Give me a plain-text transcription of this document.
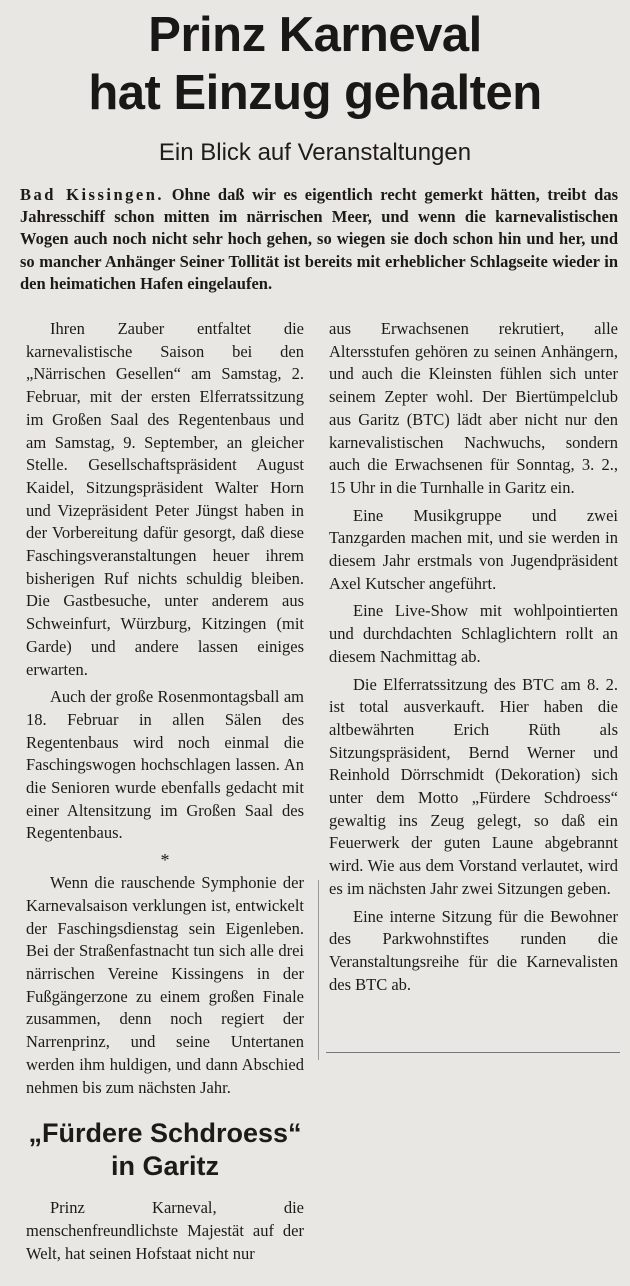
Prinz Karneval
hat Einzug gehalten
Ein Blick auf Veranstaltungen

Bad Kissingen. Ohne daß wir es eigentlich recht gemerkt hätten, treibt das Jahresschiff schon mitten im närrischen Meer, und wenn die karnevalistischen Wogen auch noch nicht sehr hoch gehen, so wiegen sie doch schon hin und her, und so mancher Anhänger Seiner Tollität ist bereits mit erheblicher Schlagseite wieder in den heimatichen Hafen eingelaufen.

Ihren Zauber entfaltet die karnevalistische Saison bei den „Närrischen Gesellen“ am Samstag, 2. Februar, mit der ersten Elferratssitzung im Großen Saal des Regentenbaus und am Samstag, 9. September, an gleicher Stelle. Gesellschaftspräsident August Kaidel, Sitzungspräsident Walter Horn und Vizepräsident Peter Jüngst haben in der Vorbereitung dafür gesorgt, daß diese Faschingsveranstaltungen heuer ihrem bisherigen Ruf nichts schuldig bleiben. Die Gastbesuche, unter anderem aus Schweinfurt, Würzburg, Kitzingen (mit Garde) und andere lassen einiges erwarten.

Auch der große Rosenmontagsball am 18. Februar in allen Sälen des Regentenbaus wird noch einmal die Faschingswogen hochschlagen lassen. An die Senioren wurde ebenfalls gedacht mit einer Altensitzung im Großen Saal des Regentenbaus.

*

Wenn die rauschende Symphonie der Karnevalsaison verklungen ist, entwickelt der Faschingsdienstag sein Eigenleben. Bei der Straßenfastnacht tun sich alle drei närrischen Vereine Kissingens in der Fußgängerzone zu einem großen Finale zusammen, denn noch regiert der Narrenprinz, und seine Untertanen werden ihm huldigen, und dann Abschied nehmen bis zum nächsten Jahr.

„Fürdere Schdroess“
in Garitz

Prinz Karneval, die menschenfreundlichste Majestät auf der Welt, hat seinen Hofstaat nicht nur

aus Erwachsenen rekrutiert, alle Altersstufen gehören zu seinen Anhängern, und auch die Kleinsten fühlen sich unter seinem Zepter wohl. Der Biertümpelclub aus Garitz (BTC) lädt aber nicht nur den karnevalistischen Nachwuchs, sondern auch die Erwachsenen für Sonntag, 3. 2., 15 Uhr in die Turnhalle in Garitz ein.

Eine Musikgruppe und zwei Tanzgarden machen mit, und sie werden in diesem Jahr erstmals von Jugendpräsident Axel Kutscher angeführt.

Eine Live-Show mit wohlpointierten und durchdachten Schlaglichtern rollt an diesem Nachmittag ab.

Die Elferratssitzung des BTC am 8. 2. ist total ausverkauft. Hier haben die altbewährten Erich Rüth als Sitzungspräsident, Bernd Werner und Reinhold Dörrschmidt (Dekoration) sich unter dem Motto „Fürdere Schdroess“ gewaltig ins Zeug gelegt, so daß ein Feuerwerk der guten Laune abgebrannt wird. Wie aus dem Vorstand verlautet, wird es im nächsten Jahr zwei Sitzungen geben.

Eine interne Sitzung für die Bewohner des Parkwohnstiftes runden die Veranstaltungsreihe für die Karnevalisten des BTC ab.
